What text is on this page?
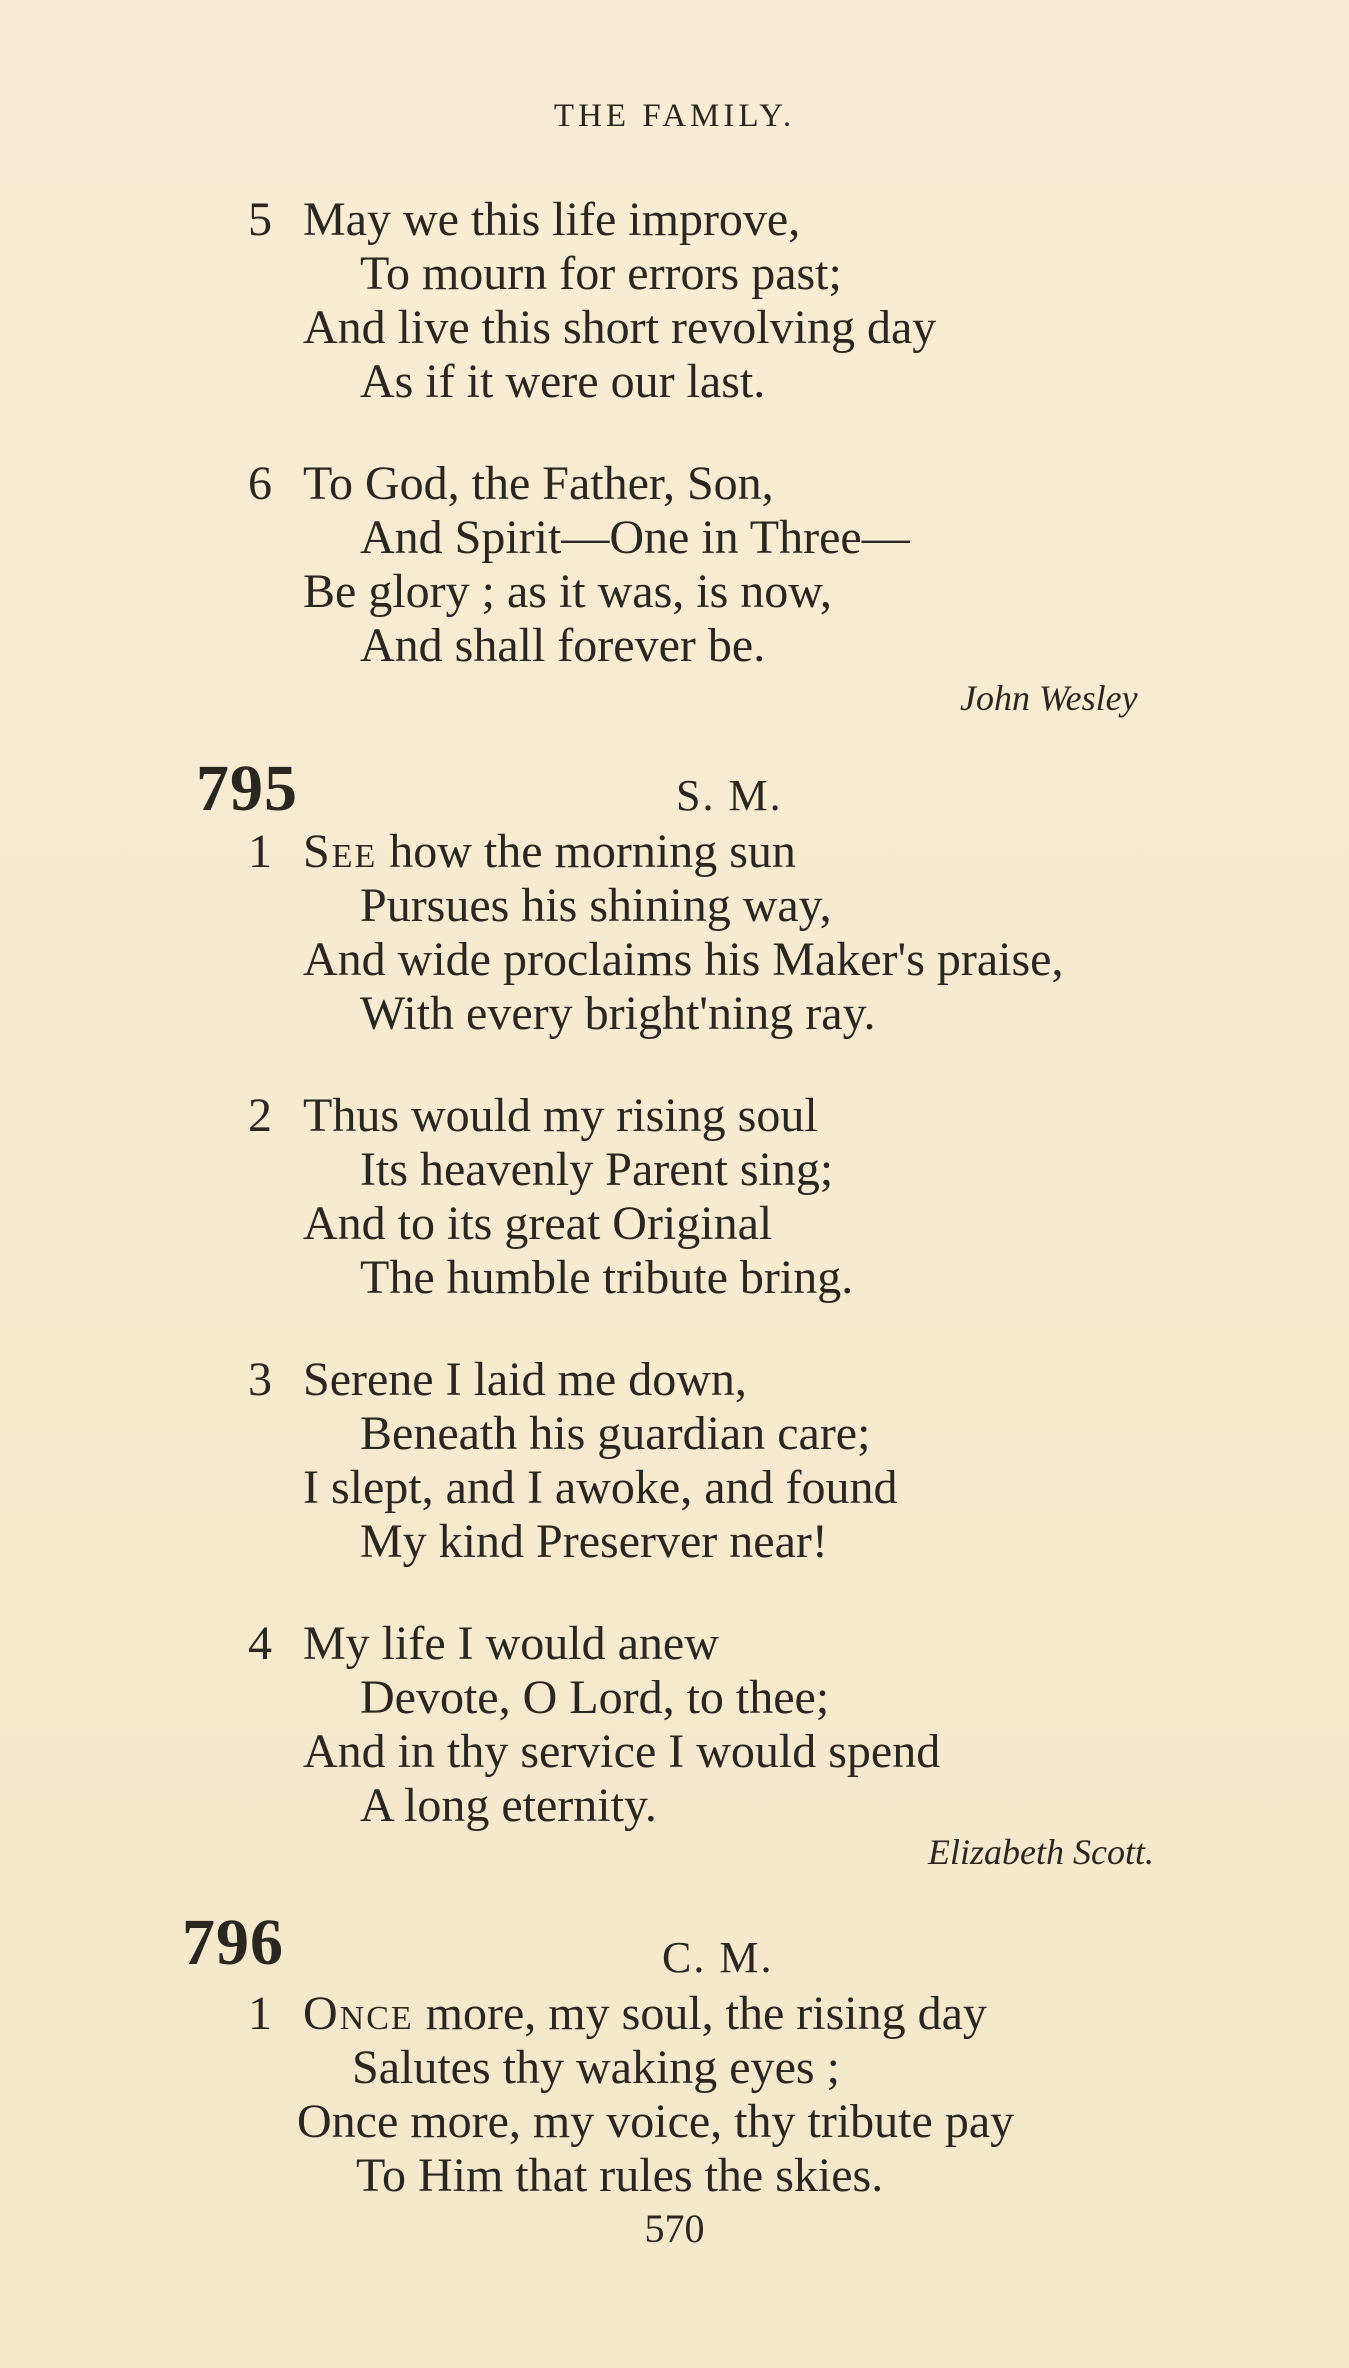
THE FAMILY.
5 May we this life improve,
To mourn for errors past;
And live this short revolving day
As if it were our last.
6 To God, the Father, Son,
And Spirit—One in Three—
Be glory ; as it was, is now,
And shall forever be.
John Wesley
795	S. M.
1 See how the morning sun
Pursues his shining way,
And wide proclaims his Maker's praise,
With every bright'ning ray.
2 Thus would my rising soul
Its heavenly Parent sing;
And to its great Original
The humble tribute bring.
3 Serene I laid me down,
Beneath his guardian care;
I slept, and I awoke, and found
My kind Preserver near!
4 My life I would anew
Devote, O Lord, to thee;
And in thy service I would spend
A long eternity.
Elizabeth Scott.
796	C. M.
1 Once more, my soul, the rising day
Salutes thy waking eyes ;
Once more, my voice, thy tribute pay
To Him that rules the skies.
570
